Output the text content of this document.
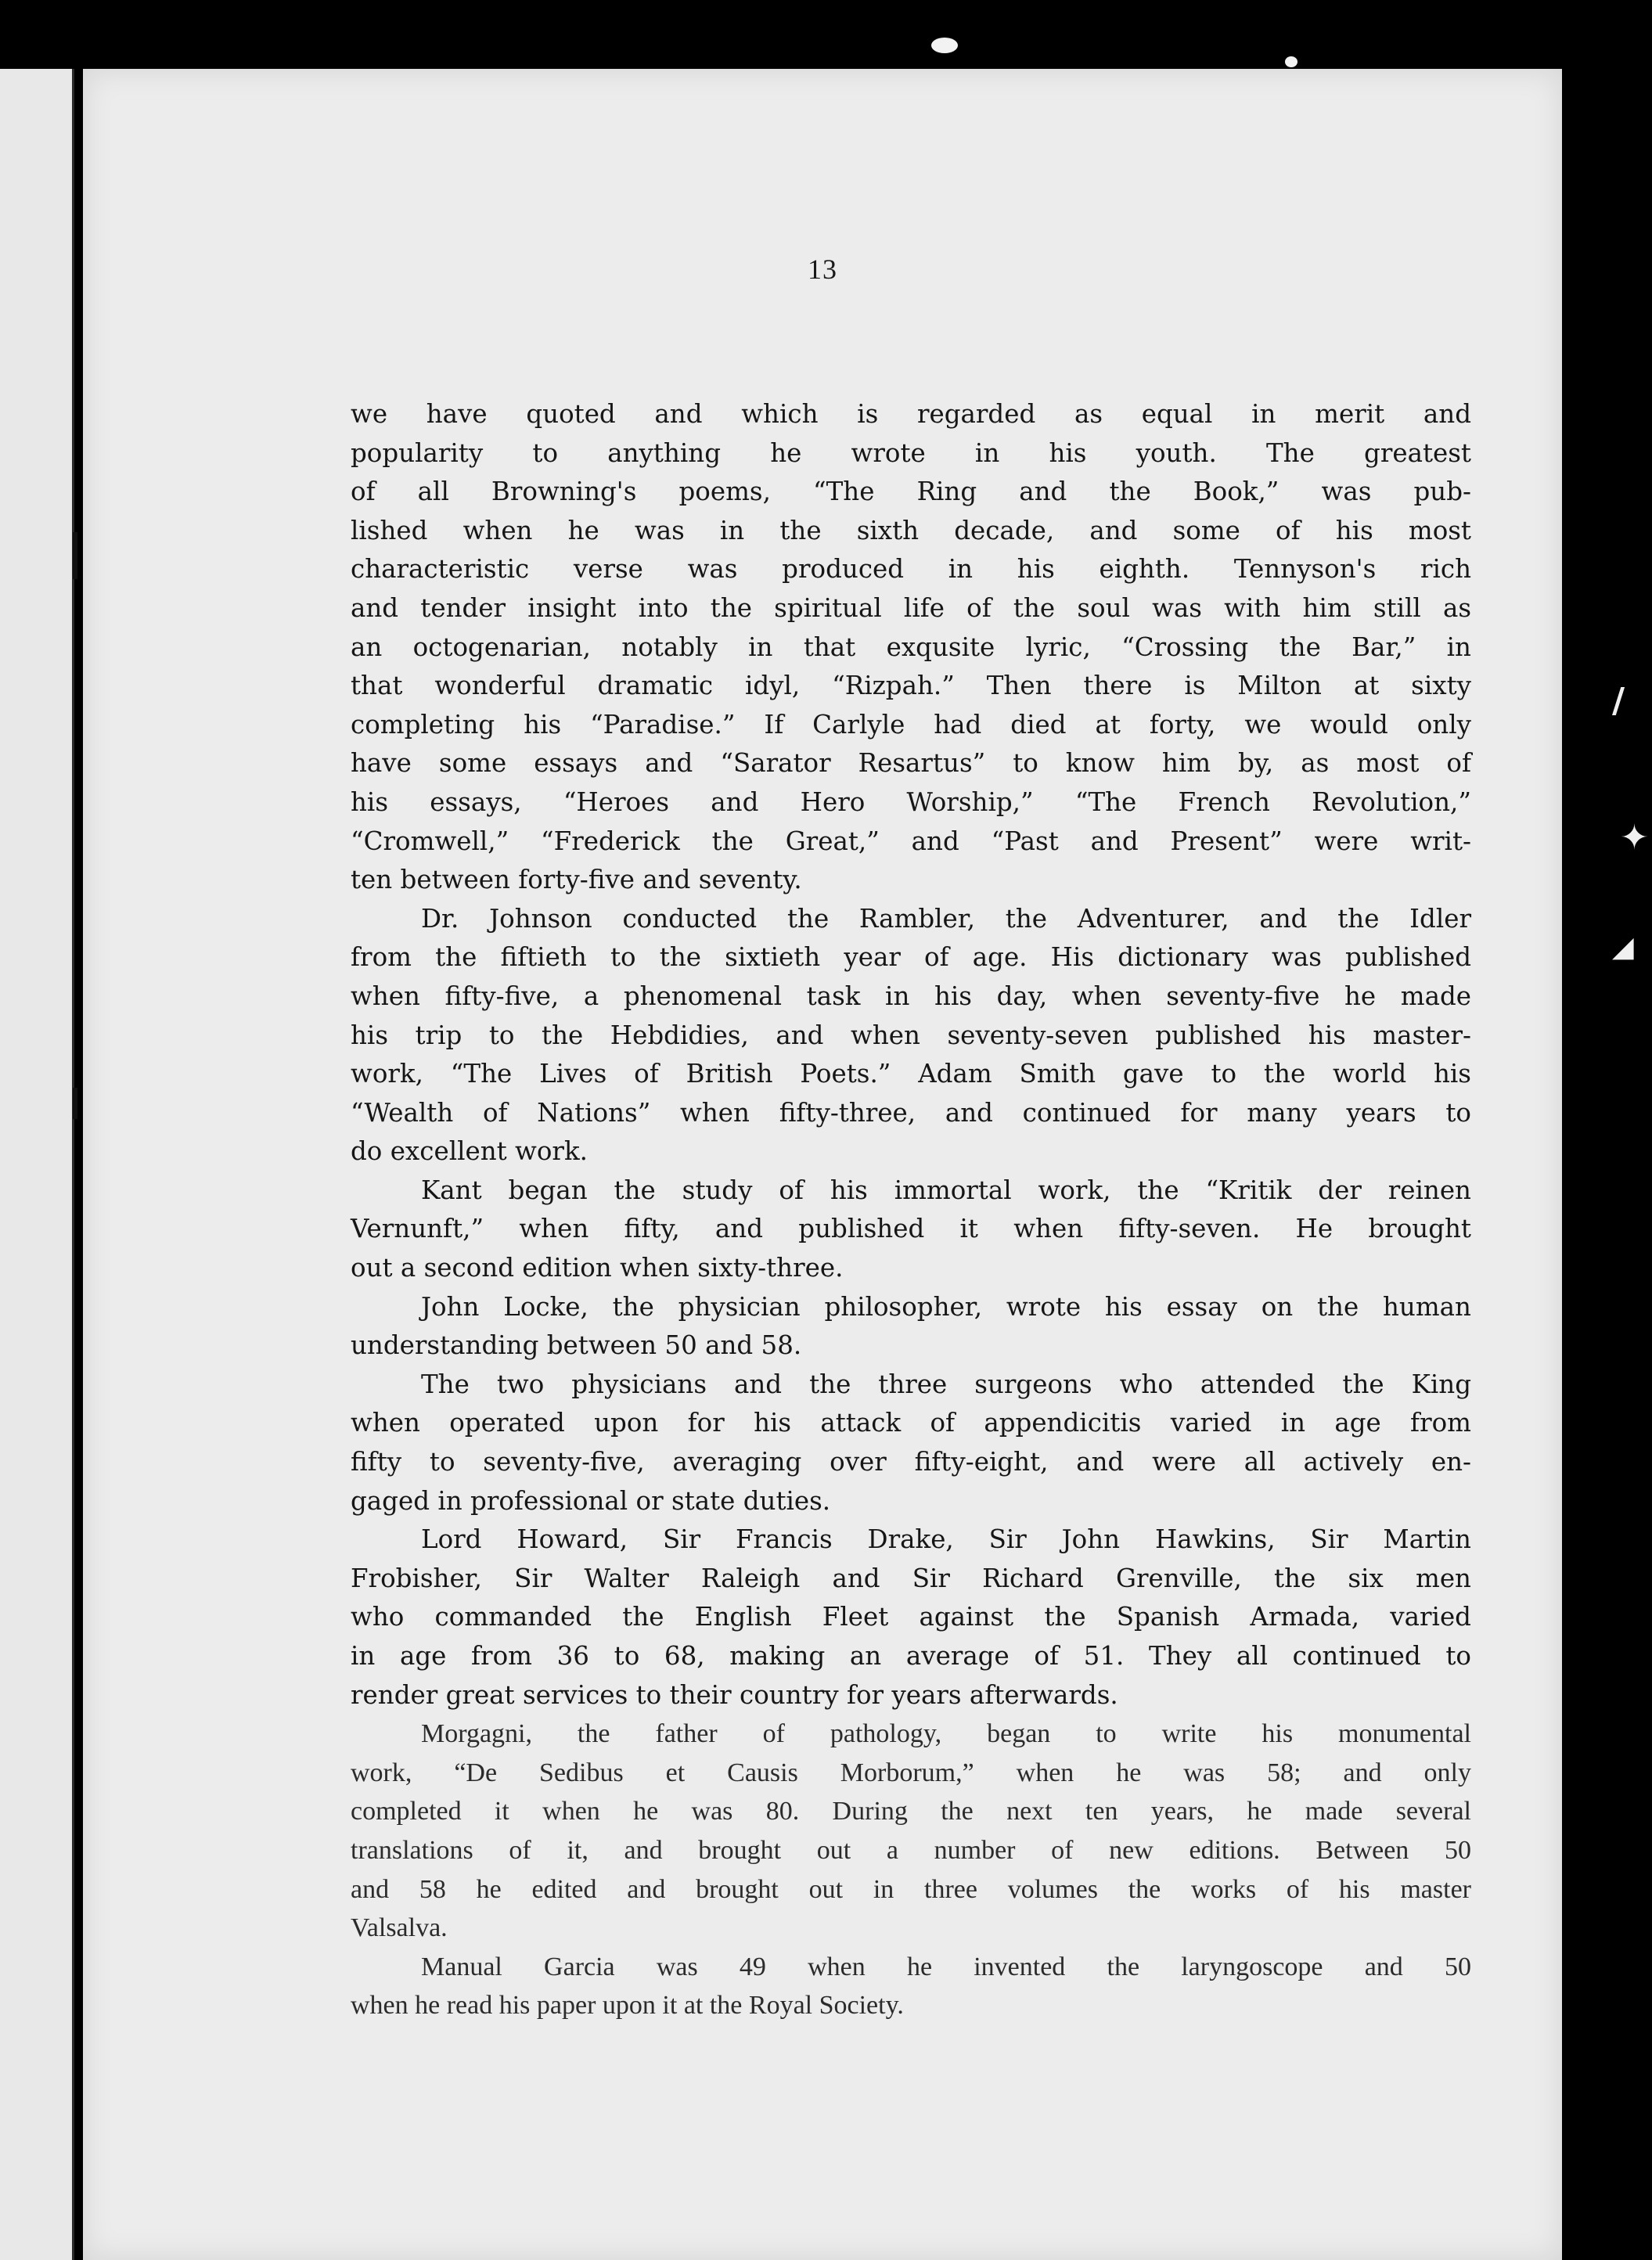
/
✦
◢
13
we have quoted and which is regarded as equal in merit and
popularity to anything he wrote in his youth. The greatest
of all Browning's poems, “The Ring and the Book,” was pub-
lished when he was in the sixth decade, and some of his most
characteristic verse was produced in his eighth. Tennyson's rich
and tender insight into the spiritual life of the soul was with him still as
an octogenarian, notably in that exqusite lyric, “Crossing the Bar,” in
that wonderful dramatic idyl, “Rizpah.” Then there is Milton at sixty
completing his “Paradise.” If Carlyle had died at forty, we would only
have some essays and “Sarator Resartus” to know him by, as most of
his essays, “Heroes and Hero Worship,” “The French Revolution,”
“Cromwell,” “Frederick the Great,” and “Past and Present” were writ-
ten between forty-five and seventy.
Dr. Johnson conducted the Rambler, the Adventurer, and the Idler
from the fiftieth to the sixtieth year of age. His dictionary was published
when fifty-five, a phenomenal task in his day, when seventy-five he made
his trip to the Hebdidies, and when seventy-seven published his master-
work, “The Lives of British Poets.” Adam Smith gave to the world his
“Wealth of Nations” when fifty-three, and continued for many years to
do excellent work.
Kant began the study of his immortal work, the “Kritik der reinen
Vernunft,” when fifty, and published it when fifty-seven. He brought
out a second edition when sixty-three.
John Locke, the physician philosopher, wrote his essay on the human
understanding between 50 and 58.
The two physicians and the three surgeons who attended the King
when operated upon for his attack of appendicitis varied in age from
fifty to seventy-five, averaging over fifty-eight, and were all actively en-
gaged in professional or state duties.
Lord Howard, Sir Francis Drake, Sir John Hawkins, Sir Martin
Frobisher, Sir Walter Raleigh and Sir Richard Grenville, the six men
who commanded the English Fleet against the Spanish Armada, varied
in age from 36 to 68, making an average of 51. They all continued to
render great services to their country for years afterwards.
Morgagni, the father of pathology, began to write his monumental
work, “De Sedibus et Causis Morborum,” when he was 58; and only
completed it when he was 80. During the next ten years, he made several
translations of it, and brought out a number of new editions. Between 50
and 58 he edited and brought out in three volumes the works of his master
Valsalva.
Manual Garcia was 49 when he invented the laryngoscope and 50
when he read his paper upon it at the Royal Society.
